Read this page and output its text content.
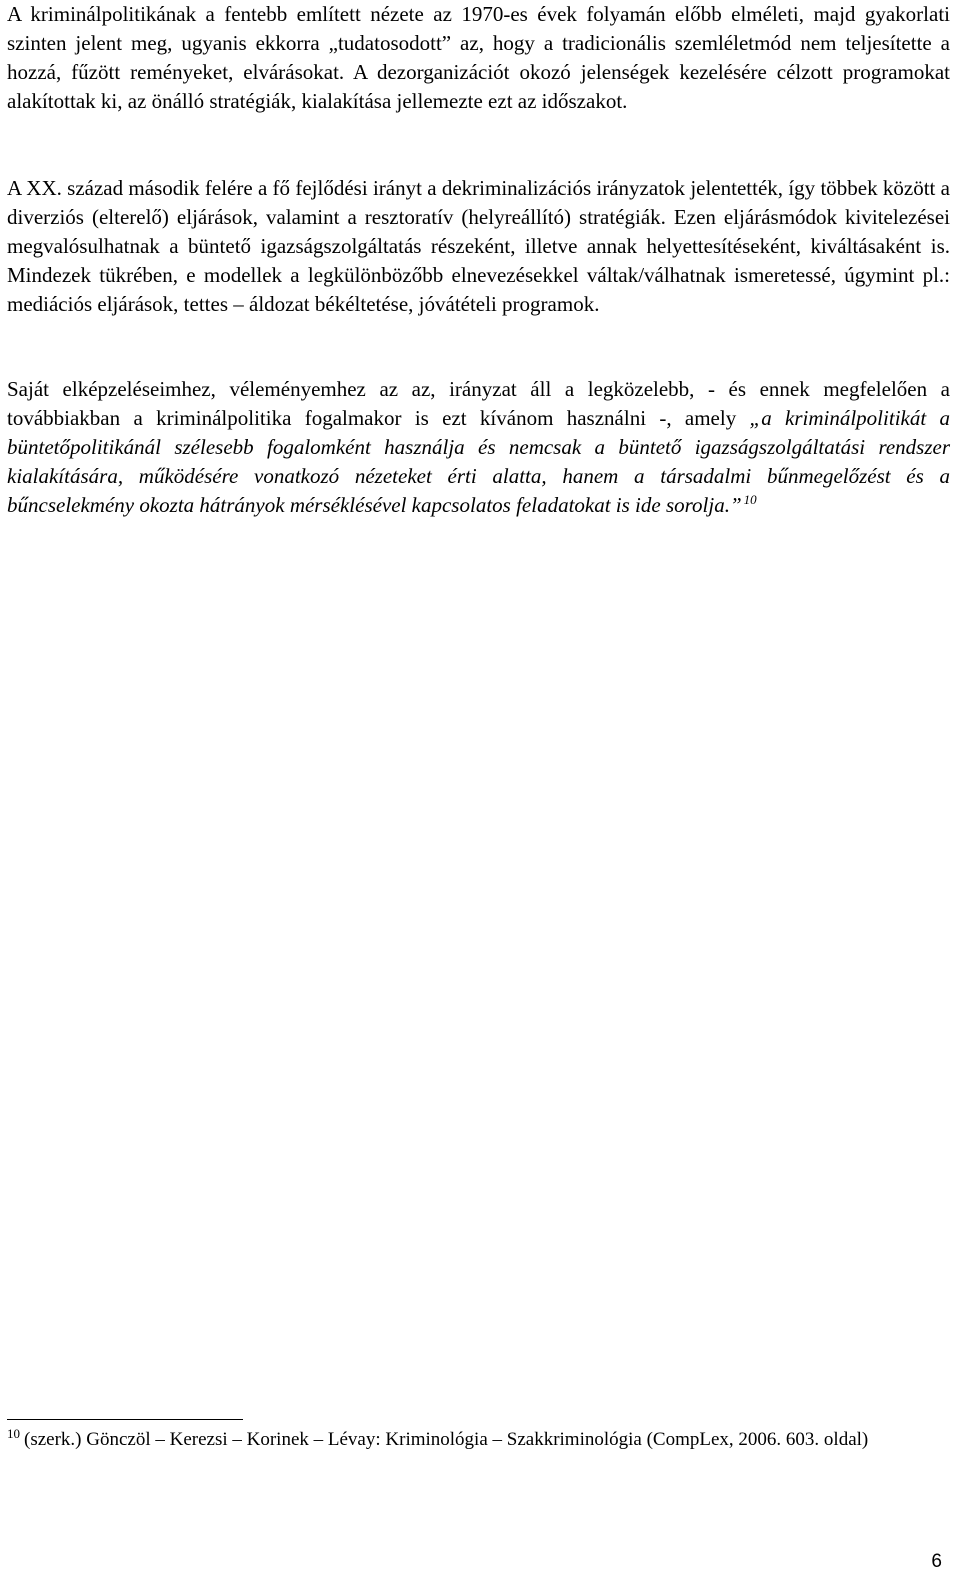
A kriminálpolitikának a fentebb említett nézete az 1970-es évek folyamán előbb elméleti, majd gyakorlati szinten jelent meg, ugyanis ekkorra „tudatosodott” az, hogy a tradicionális szemléletmód nem teljesítette a hozzá, fűzött reményeket, elvárásokat. A dezorganizációt okozó jelenségek kezelésére célzott programokat alakítottak ki, az önálló stratégiák, kialakítása jellemezte ezt az időszakot.

A XX. század második felére a fő fejlődési irányt a dekriminalizációs irányzatok jelentették, így többek között a diverziós (elterelő) eljárások, valamint a resztoratív (helyreállító) stratégiák. Ezen eljárásmódok kivitelezései megvalósulhatnak a büntető igazságszolgáltatás részeként, illetve annak helyettesítéseként, kiváltásaként is. Mindezek tükrében, e modellek a legkülönbözőbb elnevezésekkel váltak/válhatnak ismeretessé, úgymint pl.: mediációs eljárások, tettes – áldozat békéltetése, jóvátételi programok.

Saját elképzeléseimhez, véleményemhez az az, irányzat áll a legközelebb, - és ennek megfelelően a továbbiakban a kriminálpolitika fogalmakor is ezt kívánom használni -, amely „a kriminálpolitikát a büntetőpolitikánál szélesebb fogalomként használja és nemcsak a büntető igazságszolgáltatási rendszer kialakítására, működésére vonatkozó nézeteket érti alatta, hanem a társadalmi bűnmegelőzést és a bűncselekmény okozta hátrányok mérséklésével kapcsolatos feladatokat is ide sorolja.” $^{10}$

$^{10}$ (szerk.) Gönczöl – Kerezsi – Korinek – Lévay: Kriminológia – Szakkriminológia (CompLex, 2006. 603. oldal)

6
